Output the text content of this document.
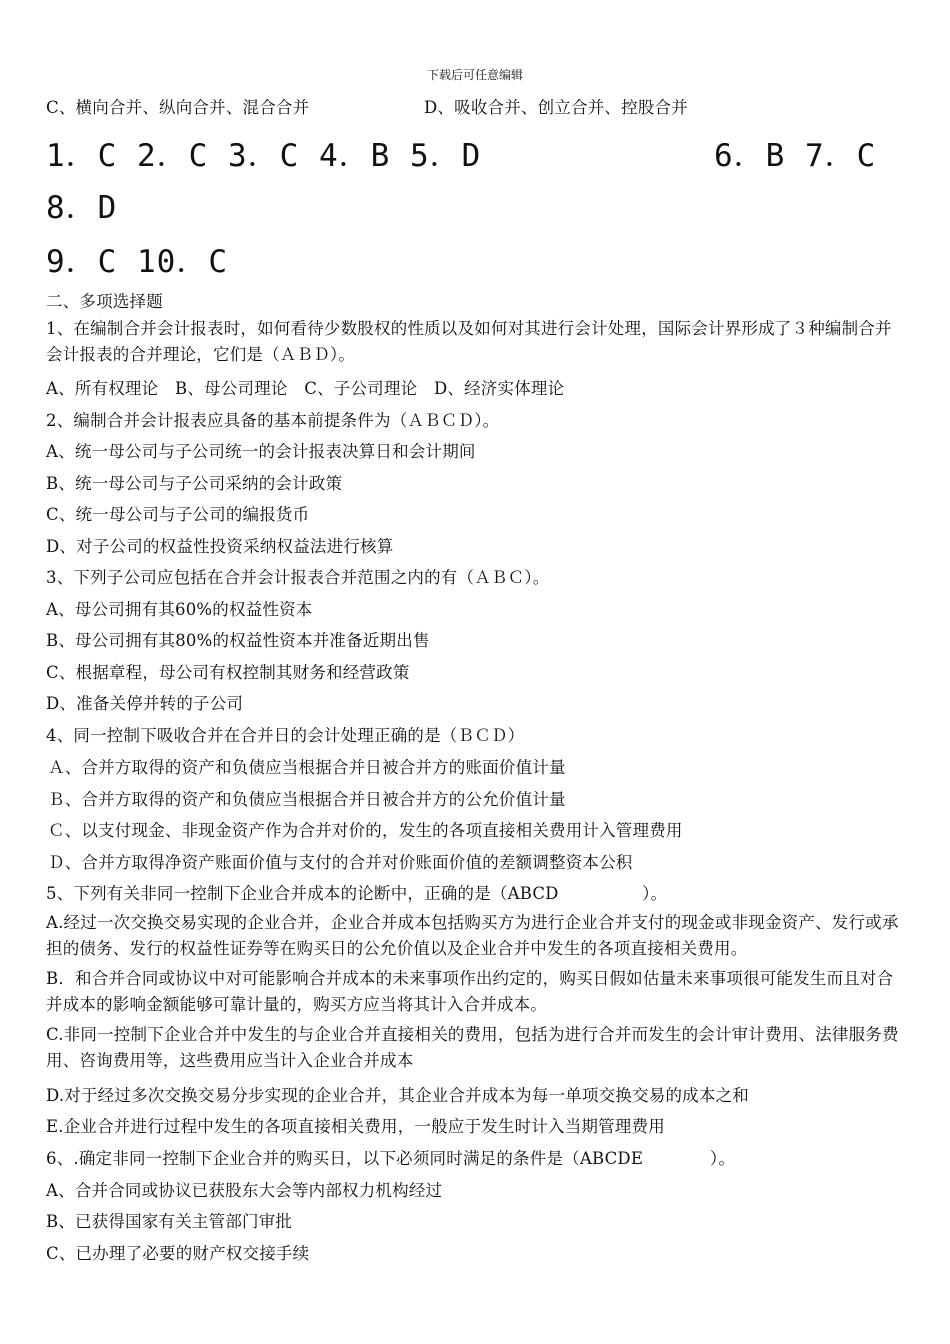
下载后可任意编辑
C、横向合并、纵向合并、混合合并	D、吸收合并、创立合并、控股合并
1．C 2．C 3．C 4．B 5．D	6．B 7．C
8．D
9．C 10．C
二、多项选择题
1、在编制合并会计报表时，如何看待少数股权的性质以及如何对其进行会计处理，国际会计界形成了３种编制合并会计报表的合并理论，它们是（ＡＢＤ）。
A、所有权理论　B、母公司理论　C、子公司理论　D、经济实体理论
2、编制合并会计报表应具备的基本前提条件为（ＡＢＣＤ）。
A、统一母公司与子公司统一的会计报表决算日和会计期间
B、统一母公司与子公司采纳的会计政策
C、统一母公司与子公司的编报货币
D、对子公司的权益性投资采纳权益法进行核算
3、下列子公司应包括在合并会计报表合并范围之内的有（ＡＢＣ）。
A、母公司拥有其60%的权益性资本
B、母公司拥有其80%的权益性资本并准备近期出售
C、根据章程，母公司有权控制其财务和经营政策
D、准备关停并转的子公司
4、同一控制下吸收合并在合并日的会计处理正确的是（ＢＣＤ）
Ａ、合并方取得的资产和负债应当根据合并日被合并方的账面价值计量
Ｂ、合并方取得的资产和负债应当根据合并日被合并方的公允价值计量
Ｃ、以支付现金、非现金资产作为合并对价的，发生的各项直接相关费用计入管理费用
Ｄ、合并方取得净资产账面价值与支付的合并对价账面价值的差额调整资本公积
5、下列有关非同一控制下企业合并成本的论断中，正确的是（ABCD　　　　　）。
A.经过一次交换交易实现的企业合并，企业合并成本包括购买方为进行企业合并支付的现金或非现金资产、发行或承担的债务、发行的权益性证券等在购买日的公允价值以及企业合并中发生的各项直接相关费用。
B．和合并合同或协议中对可能影响合并成本的未来事项作出约定的，购买日假如估量未来事项很可能发生而且对合并成本的影响金额能够可靠计量的，购买方应当将其计入合并成本。
C.非同一控制下企业合并中发生的与企业合并直接相关的费用，包括为进行合并而发生的会计审计费用、法律服务费用、咨询费用等，这些费用应当计入企业合并成本
D.对于经过多次交换交易分步实现的企业合并，其企业合并成本为每一单项交换交易的成本之和
E.企业合并进行过程中发生的各项直接相关费用，一般应于发生时计入当期管理费用
6、.确定非同一控制下企业合并的购买日，以下必须同时满足的条件是（ABCDE　　　　）。
A、合并合同或协议已获股东大会等内部权力机构经过
B、已获得国家有关主管部门审批
C、已办理了必要的财产权交接手续
